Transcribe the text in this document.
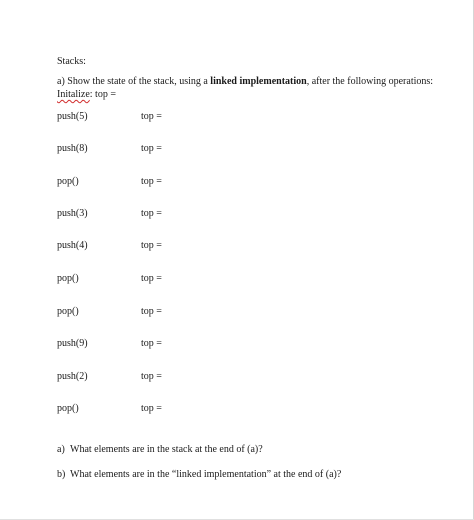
Stacks:
a) Show the state of the stack, using a linked implementation, after the following operations:
Initalize: top =
push(5)	top =
push(8)	top =
pop()	top =
push(3)	top =
push(4)	top =
pop()	top =
pop()	top =
push(9)	top =
push(2)	top =
pop()	top =
a) What elements are in the stack at the end of (a)?
b) What elements are in the “linked implementation” at the end of (a)?
